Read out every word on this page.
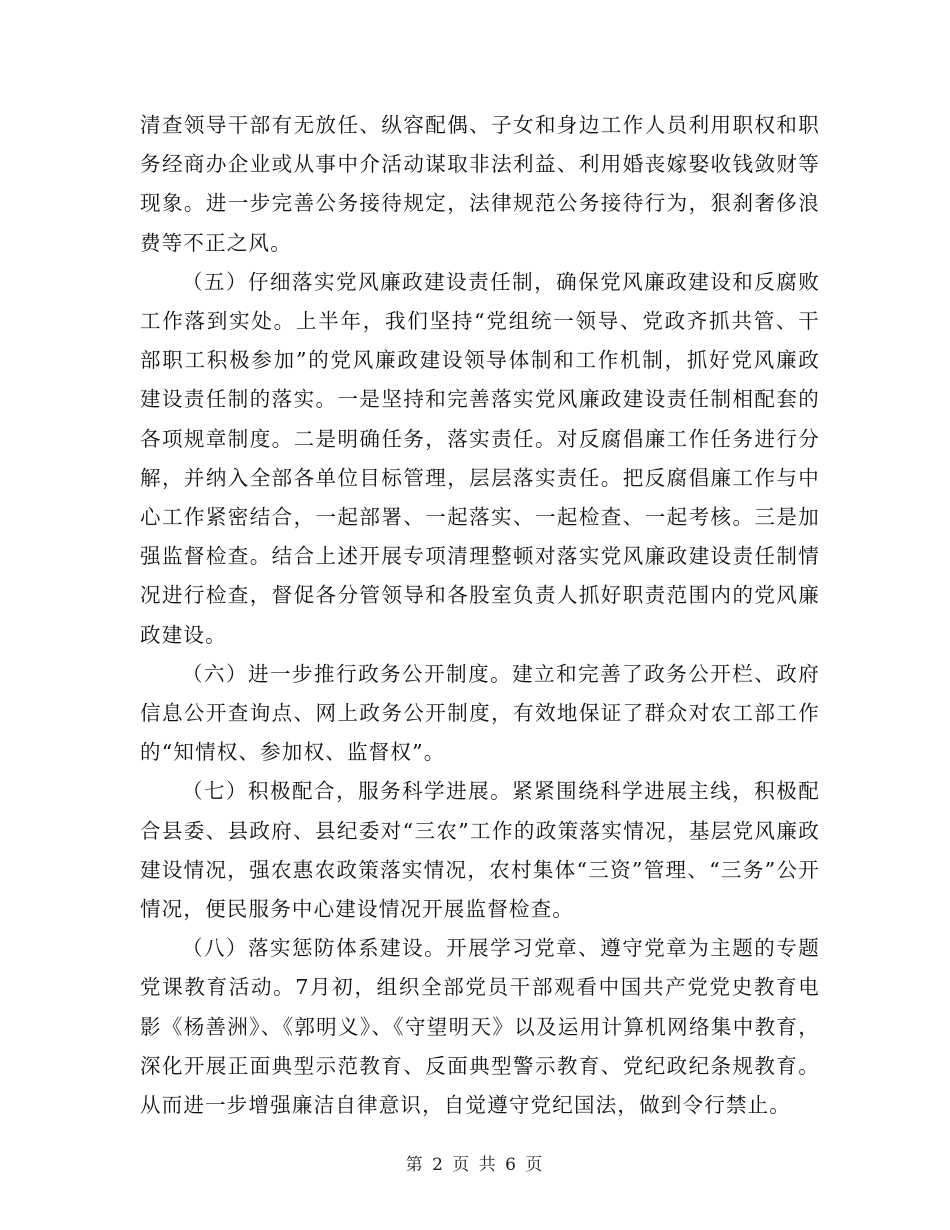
清查领导干部有无放任、纵容配偶、子女和身边工作人员利用职权和职务经商办企业或从事中介活动谋取非法利益、利用婚丧嫁娶收钱敛财等现象。进一步完善公务接待规定，法律规范公务接待行为，狠刹奢侈浪费等不正之风。

（五）仔细落实党风廉政建设责任制，确保党风廉政建设和反腐败工作落到实处。上半年，我们坚持“党组统一领导、党政齐抓共管、干部职工积极参加”的党风廉政建设领导体制和工作机制，抓好党风廉政建设责任制的落实。一是坚持和完善落实党风廉政建设责任制相配套的各项规章制度。二是明确任务，落实责任。对反腐倡廉工作任务进行分解，并纳入全部各单位目标管理，层层落实责任。把反腐倡廉工作与中心工作紧密结合，一起部署、一起落实、一起检查、一起考核。三是加强监督检查。结合上述开展专项清理整顿对落实党风廉政建设责任制情况进行检查，督促各分管领导和各股室负责人抓好职责范围内的党风廉政建设。

（六）进一步推行政务公开制度。建立和完善了政务公开栏、政府信息公开查询点、网上政务公开制度，有效地保证了群众对农工部工作的“知情权、参加权、监督权”。

（七）积极配合，服务科学进展。紧紧围绕科学进展主线，积极配合县委、县政府、县纪委对“三农”工作的政策落实情况，基层党风廉政建设情况，强农惠农政策落实情况，农村集体“三资”管理、“三务”公开情况，便民服务中心建设情况开展监督检查。

（八）落实惩防体系建设。开展学习党章、遵守党章为主题的专题党课教育活动。7月初，组织全部党员干部观看中国共产党党史教育电影《杨善洲》、《郭明义》、《守望明天》以及运用计算机网络集中教育，深化开展正面典型示范教育、反面典型警示教育、党纪政纪条规教育。从而进一步增强廉洁自律意识，自觉遵守党纪国法，做到令行禁止。

第 2 页 共 6 页
